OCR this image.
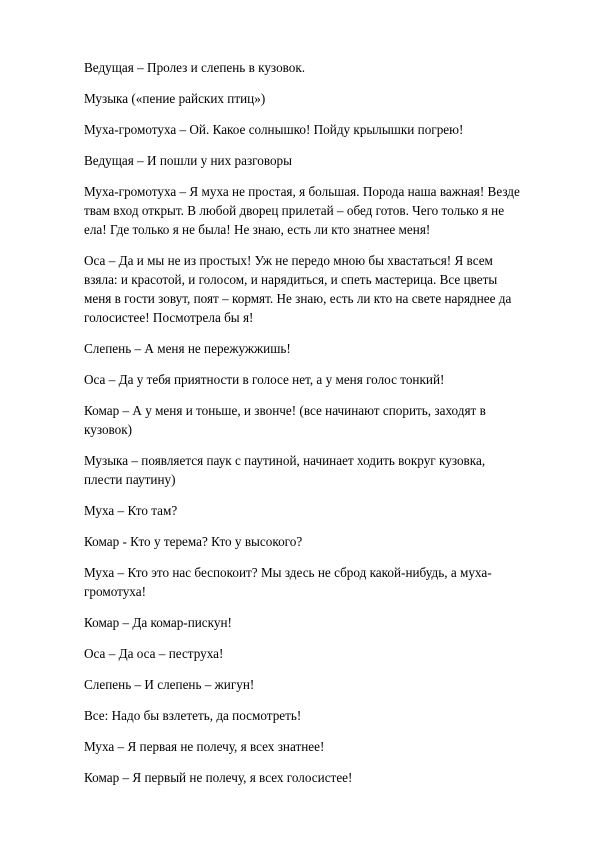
Ведущая – Пролез и слепень в кузовок.

Музыка («пение райских птиц»)

Муха-громотуха – Ой. Какое солнышко! Пойду крылышки погрею!

Ведущая – И пошли у них разговоры

Муха-громотуха – Я муха не простая, я большая. Порода наша важная! Везде
твам вход открыт. В любой дворец прилетай – обед готов. Чего только я не
ела! Где только я не была! Не знаю, есть ли кто знатнее меня!

Оса – Да и мы не из простых! Уж не передо мною бы хвастаться! Я всем
взяла: и красотой, и голосом, и нарядиться, и спеть мастерица. Все цветы
меня в гости зовут, поят – кормят. Не знаю, есть ли кто на свете наряднее да
голосистее! Посмотрела бы я!

Слепень – А меня не пережужжишь!

Оса – Да у тебя приятности в голосе нет, а у меня голос тонкий!

Комар – А у меня и тоньше, и звонче! (все начинают спорить, заходят в
кузовок)

Музыка – появляется паук с паутиной, начинает ходить вокруг кузовка,
плести паутину)

Муха – Кто там?

Комар - Кто у терема? Кто у высокого?

Муха – Кто это нас беспокоит? Мы здесь не сброд какой-нибудь, а муха-
громотуха!

Комар – Да комар-пискун!

Оса – Да оса – пеструха!

Слепень – И слепень – жигун!

Все: Надо бы взлететь, да посмотреть!

Муха – Я первая не полечу, я всех знатнее!

Комар – Я первый не полечу, я всех голосистее!
